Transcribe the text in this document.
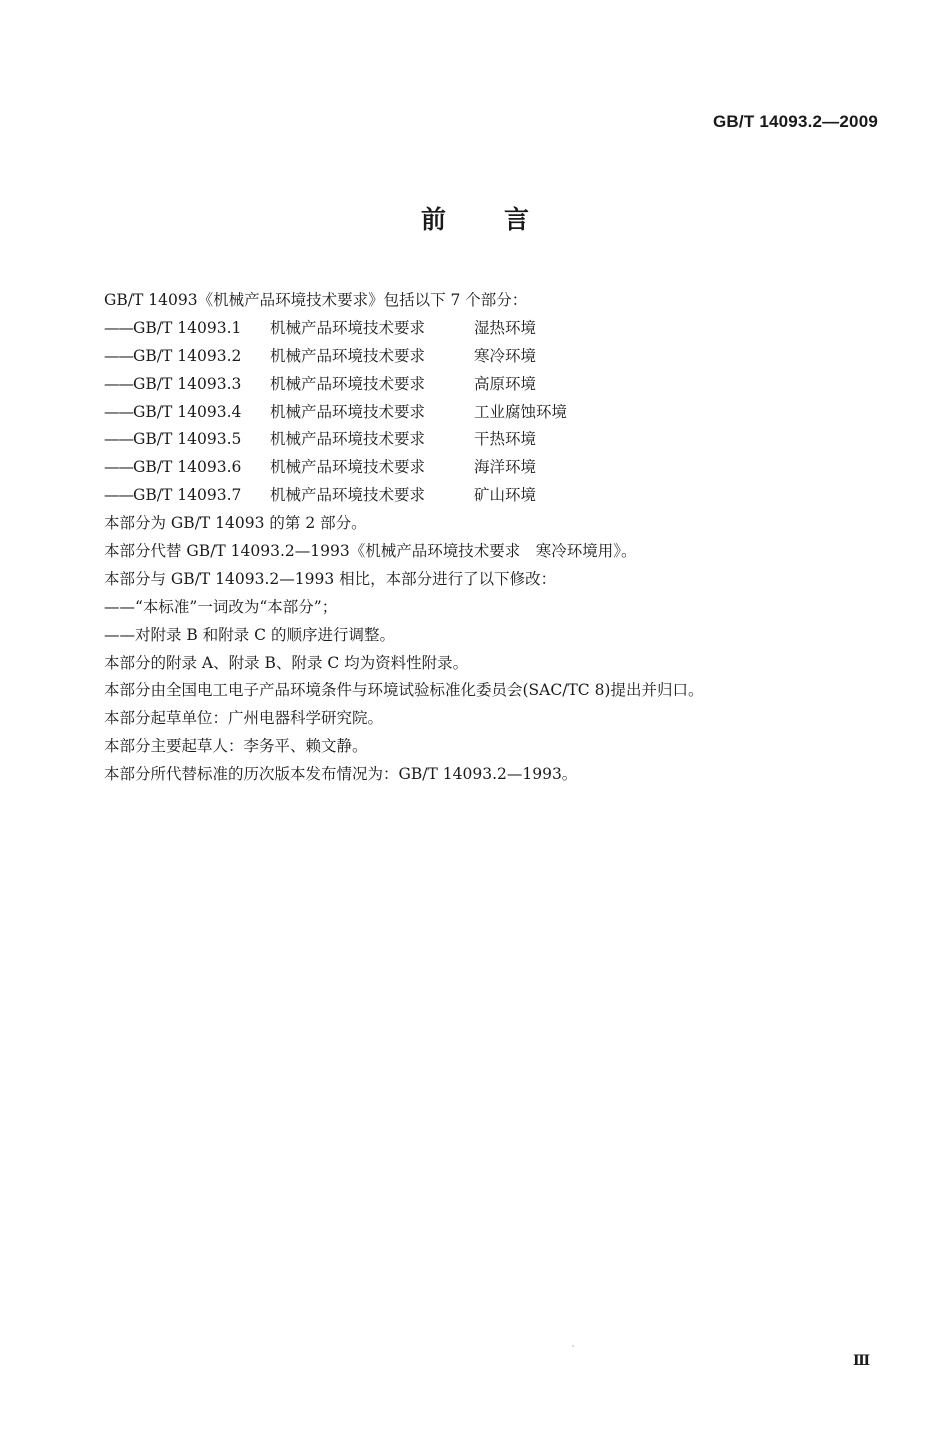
GB/T 14093.2—2009
前 言
GB/T 14093《机械产品环境技术要求》包括以下 7 个部分：
——GB/T 14093.1 机械产品环境技术要求	湿热环境
——GB/T 14093.2 机械产品环境技术要求	寒冷环境
——GB/T 14093.3 机械产品环境技术要求	高原环境
——GB/T 14093.4 机械产品环境技术要求	工业腐蚀环境
——GB/T 14093.5 机械产品环境技术要求	干热环境
——GB/T 14093.6 机械产品环境技术要求	海洋环境
——GB/T 14093.7 机械产品环境技术要求	矿山环境
本部分为 GB/T 14093 的第 2 部分。
本部分代替 GB/T 14093.2—1993《机械产品环境技术要求　寒冷环境用》。
本部分与 GB/T 14093.2—1993 相比，本部分进行了以下修改：
——“本标准”一词改为“本部分”；
——对附录 B 和附录 C 的顺序进行调整。
本部分的附录 A、附录 B、附录 C 均为资料性附录。
本部分由全国电工电子产品环境条件与环境试验标准化委员会(SAC/TC 8)提出并归口。
本部分起草单位：广州电器科学研究院。
本部分主要起草人：李务平、赖文静。
本部分所代替标准的历次版本发布情况为：GB/T 14093.2—1993。
Ⅲ
